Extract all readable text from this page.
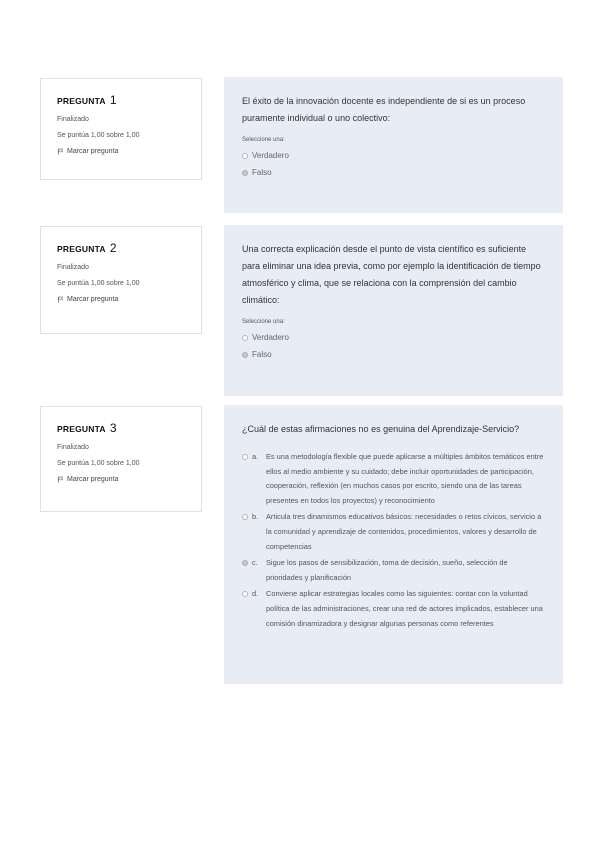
PREGUNTA 1
Finalizado
Se puntúa 1,00 sobre 1,00
Marcar pregunta
El éxito de la innovación docente es independiente de si es un proceso puramente individual o uno colectivo:
Seleccione una:
Verdadero
Falso
PREGUNTA 2
Finalizado
Se puntúa 1,00 sobre 1,00
Marcar pregunta
Una correcta explicación desde el punto de vista científico es suficiente para eliminar una idea previa, como por ejemplo la identificación de tiempo atmosférico y clima, que se relaciona con la comprensión del cambio climático:
Seleccione una:
Verdadero
Falso
PREGUNTA 3
Finalizado
Se puntúa 1,00 sobre 1,00
Marcar pregunta
¿Cuál de estas afirmaciones no es genuina del Aprendizaje-Servicio?
a.	Es una metodología flexible que puede aplicarse a múltiples ámbitos temáticos entre ellos al medio ambiente y su cuidado; debe incluir oportunidades de participación, cooperación, reflexión (en muchos casos por escrito, siendo una de las tareas presentes en todos los proyectos) y reconocimiento
b.	Articula tres dinamismos educativos básicos: necesidades o retos cívicos, servicio a la comunidad y aprendizaje de contenidos, procedimientos, valores y desarrollo de competencias
c.	Sigue los pasos de sensibilización, toma de decisión, sueño, selección de prioridades y planificación
d.	Conviene aplicar estrategias locales como las siguientes: contar con la voluntad política de las administraciones, crear una red de actores implicados, establecer una comisión dinamizadora y designar algunas personas como referentes
